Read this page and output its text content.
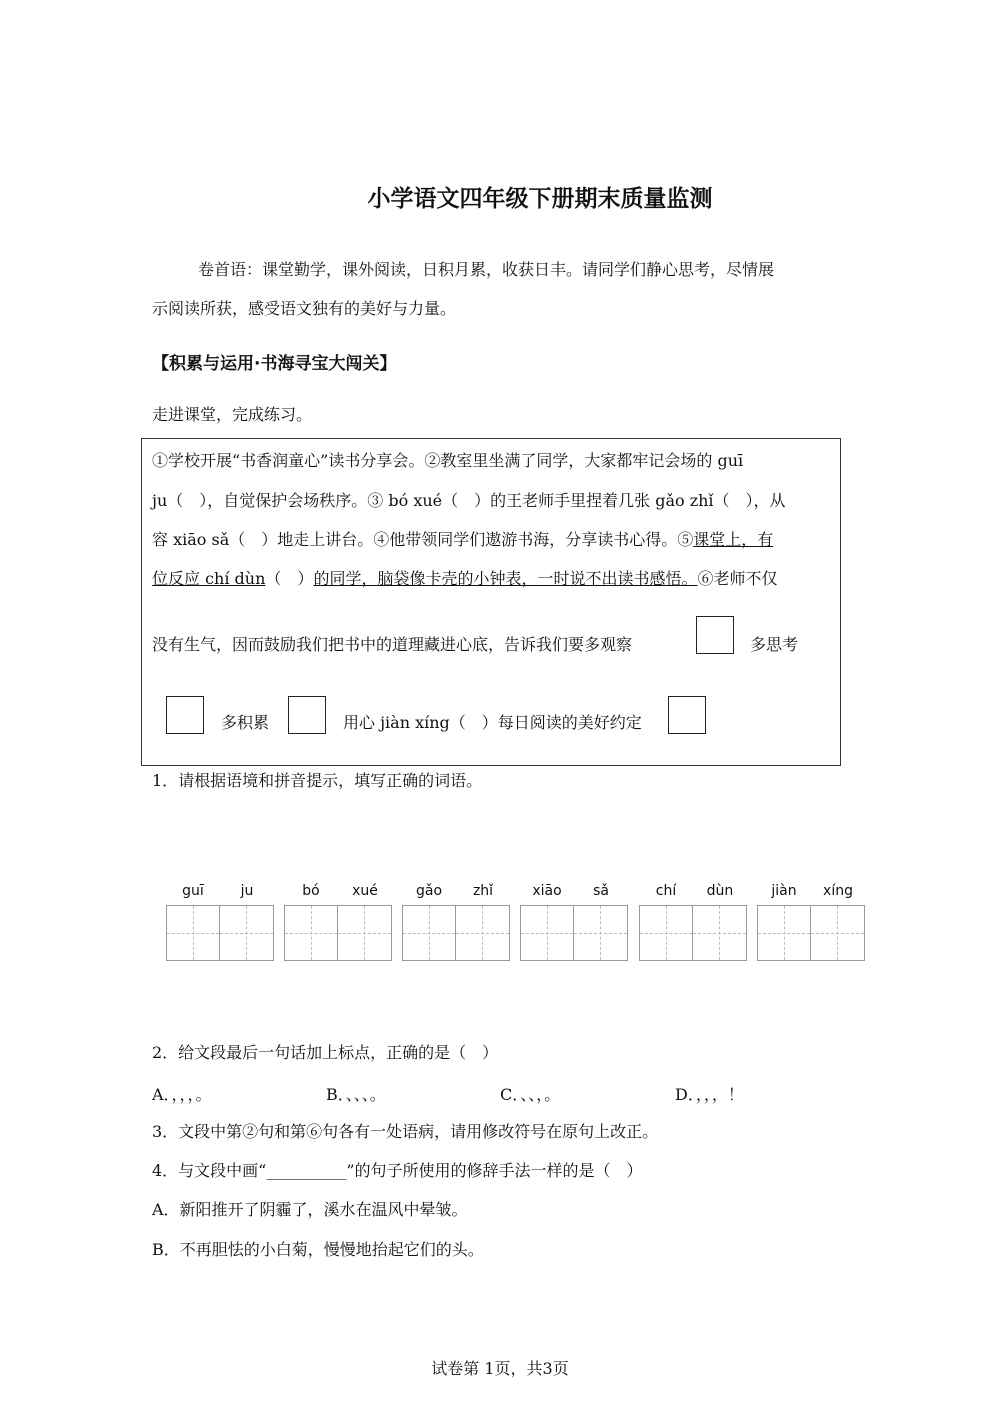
小学语文四年级下册期末质量监测
卷首语：课堂勤学，课外阅读，日积月累，收获日丰。请同学们静心思考，尽情展
示阅读所获，感受语文独有的美好与力量。
【积累与运用·书海寻宝大闯关】
走进课堂，完成练习。
①学校开展“书香润童心”读书分享会。②教室里坐满了同学，大家都牢记会场的 guī
ju（　），自觉保护会场秩序。③ bó xué（　）的王老师手里捏着几张 gǎo zhǐ（　），从
容 xiāo sǎ（　）地走上讲台。④他带领同学们遨游书海，分享读书心得。⑤课堂上，有
位反应 chí dùn（　）的同学，脑袋像卡壳的小钟表，一时说不出读书感悟。⑥老师不仅
没有生气，因而鼓励我们把书中的道理藏进心底，告诉我们要多观察	多思考
多积累	用心 jiàn xíng（　）每日阅读的美好约定
1．请根据语境和拼音提示，填写正确的词语。
guī	ju	bó	xué	gǎo	zhǐ	xiāo	sǎ	chí	dùn	jiàn	xíng
2．给文段最后一句话加上标点，正确的是（　）
A．，，，。	B．、、、。	C．、、，。	D．，，，！
3．文段中第②句和第⑥句各有一处语病，请用修改符号在原句上改正。
4．与文段中画“__________”的句子所使用的修辞手法一样的是（　）
A．新阳推开了阴霾了，溪水在温风中晕皱。
B．不再胆怯的小白菊，慢慢地抬起它们的头。
试卷第 1页，共3页
